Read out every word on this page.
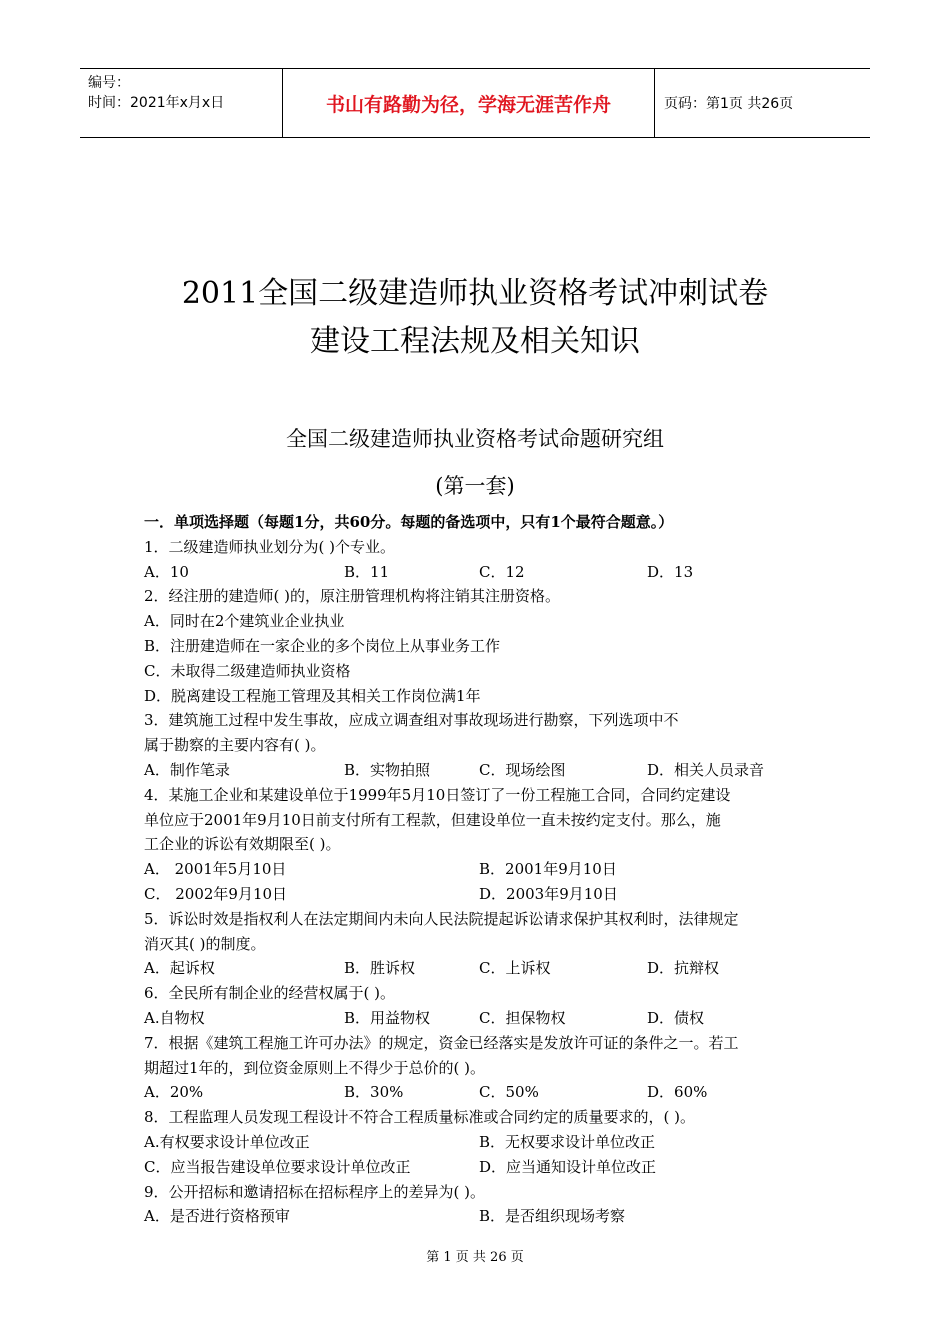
编号：
时间：2021年x月x日	书山有路勤为径，学海无涯苦作舟	页码：第1页 共26页
2011全国二级建造师执业资格考试冲刺试卷
建设工程法规及相关知识
全国二级建造师执业资格考试命题研究组
(第一套)
一．单项选择题（每题1分，共60分。每题的备选项中，只有1个最符合题意。）
1．二级建造师执业划分为( )个专业。
A．10	B．11	C．12	D．13
2．经注册的建造师( )的，原注册管理机构将注销其注册资格。
A．同时在2个建筑业企业执业
B．注册建造师在一家企业的多个岗位上从事业务工作
C．未取得二级建造师执业资格
D．脱离建设工程施工管理及其相关工作岗位满1年
3．建筑施工过程中发生事故，应成立调查组对事故现场进行勘察，下列选项中不
属于勘察的主要内容有( )。
A．制作笔录	B．实物拍照	C．现场绘图	D．相关人员录音
4．某施工企业和某建设单位于1999年5月10日签订了一份工程施工合同，合同约定建设
单位应于2001年9月10日前支付所有工程款，但建设单位一直未按约定支付。那么，施
工企业的诉讼有效期限至( )。
A． 2001年5月10日	B．2001年9月10日
C． 2002年9月10日	D．2003年9月10日
5．诉讼时效是指权利人在法定期间内未向人民法院提起诉讼请求保护其权利时，法律规定
消灭其( )的制度。
A．起诉权	B．胜诉权	C．上诉权	D．抗辩权
6．全民所有制企业的经营权属于( )。
A.自物权	B．用益物权	C．担保物权	D．债权
7．根据《建筑工程施工许可办法》的规定，资金已经落实是发放许可证的条件之一。若工
期超过1年的，到位资金原则上不得少于总价的( )。
A．20%	B．30%	C．50%	D．60%
8．工程监理人员发现工程设计不符合工程质量标准或合同约定的质量要求的，( )。
A.有权要求设计单位改正	B．无权要求设计单位改正
C．应当报告建设单位要求设计单位改正	D．应当通知设计单位改正
9．公开招标和邀请招标在招标程序上的差异为( )。
A．是否进行资格预审	B．是否组织现场考察
第 1 页 共 26 页
